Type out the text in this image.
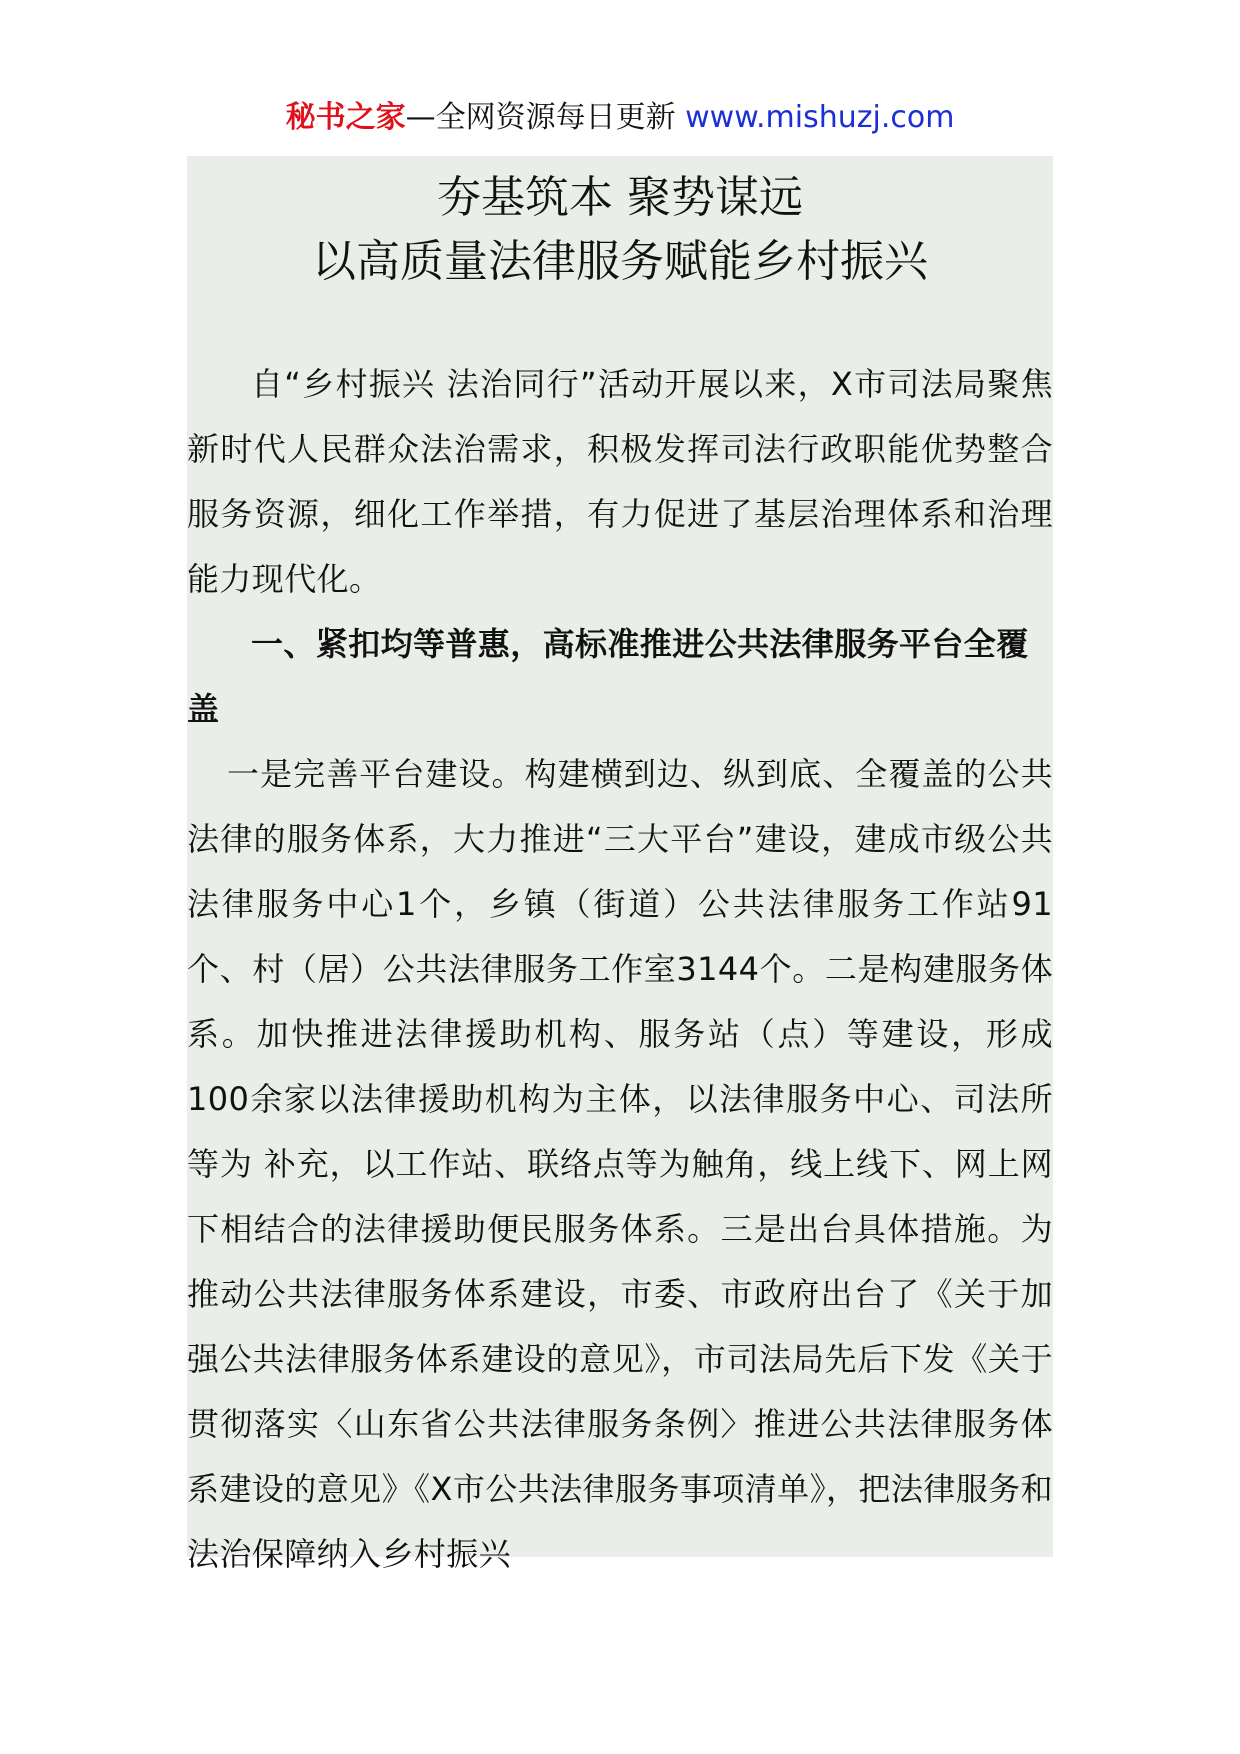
秘书之家—全网资源每日更新 www.mishuzj.com
夯基筑本 聚势谋远
以高质量法律服务赋能乡村振兴

自“乡村振兴 法治同行”活动开展以来，X市司法局聚焦新时代人民群众法治需求，积极发挥司法行政职能优势整合服务资源，细化工作举措，有力促进了基层治理体系和治理能力现代化。

一、紧扣均等普惠，高标准推进公共法律服务平台全覆盖

一是完善平台建设。构建横到边、纵到底、全覆盖的公共法律的服务体系，大力推进“三大平台”建设，建成市级公共法律服务中心1个，乡镇（街道）公共法律服务工作站91个、村（居）公共法律服务工作室3144个。二是构建服务体系。加快推进法律援助机构、服务站（点）等建设，形成100余家以法律援助机构为主体，以法律服务中心、司法所等为 补充，以工作站、联络点等为触角，线上线下、网上网下相结合的法律援助便民服务体系。三是出台具体措施。为推动公共法律服务体系建设，市委、市政府出台了《关于加强公共法律服务体系建设的意见》，市司法局先后下发《关于贯彻落实〈山东省公共法律服务条例〉推进公共法律服务体系建设的意见》《X市公共法律服务事项清单》，把法律服务和法治保障纳入乡村振兴
